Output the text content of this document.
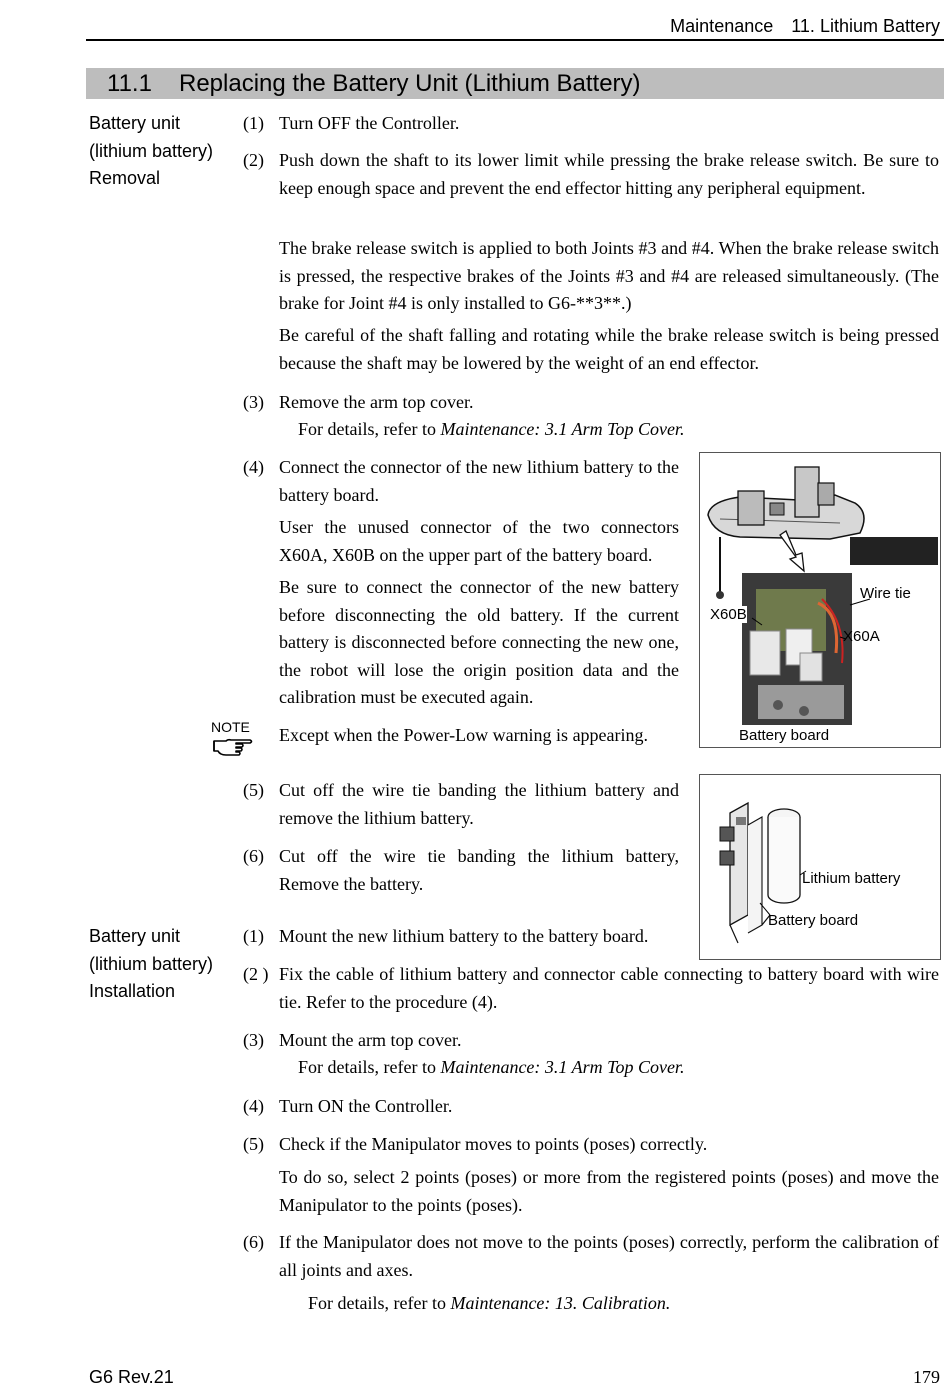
Maintenance 11. Lithium Battery
11.1 Replacing the Battery Unit (Lithium Battery)
Battery unit
(lithium battery)
Removal
(1) Turn OFF the Controller.
(2) Push down the shaft to its lower limit while pressing the brake release switch. Be sure to keep enough space and prevent the end effector hitting any peripheral equipment.
The brake release switch is applied to both Joints #3 and #4. When the brake release switch is pressed, the respective brakes of the Joints #3 and #4 are released simultaneously. (The brake for Joint #4 is only installed to G6-**3**.)
Be careful of the shaft falling and rotating while the brake release switch is being pressed because the shaft may be lowered by the weight of an end effector.
(3) Remove the arm top cover.
For details, refer to Maintenance: 3.1 Arm Top Cover.
(4) Connect the connector of the new lithium battery to the battery board.
User the unused connector of the two connectors X60A, X60B on the upper part of the battery board.
Be sure to connect the connector of the new battery before disconnecting the old battery. If the current battery is disconnected before connecting the new one, the robot will lose the origin position data and the calibration must be executed again.
NOTE Except when the Power-Low warning is appearing.
Wire tie
X60B
X60A
Battery board
(5) Cut off the wire tie banding the lithium battery and remove the lithium battery.
(6) Cut off the wire tie banding the lithium battery, Remove the battery.	Lithium battery
Battery board
Battery unit
(lithium battery)
Installation
(1) Mount the new lithium battery to the battery board.
(2 ) Fix the cable of lithium battery and connector cable connecting to battery board with wire tie. Refer to the procedure (4).
(3) Mount the arm top cover.
For details, refer to Maintenance: 3.1 Arm Top Cover.
(4) Turn ON the Controller.
(5) Check if the Manipulator moves to points (poses) correctly.
To do so, select 2 points (poses) or more from the registered points (poses) and move the Manipulator to the points (poses).
(6) If the Manipulator does not move to the points (poses) correctly, perform the calibration of all joints and axes.
For details, refer to Maintenance: 13. Calibration.
G6 Rev.21	179
